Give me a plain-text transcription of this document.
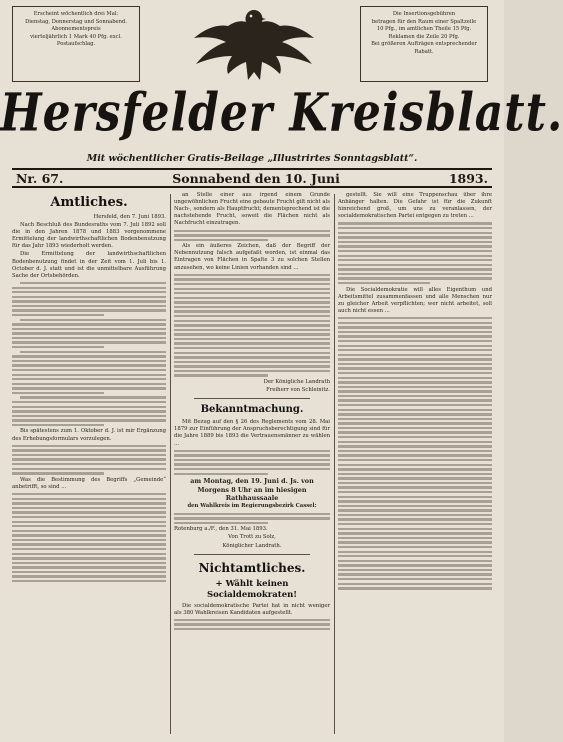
Erscheint wöchentlich drei Mal:
Dienstag, Donnerstag und Sonnabend.
Abonnementspreis
vierteljährlich 1 Mark 40 Pfg. excl.
Postaufschlag.
Die Insertionsgebühren
betragen für den Raum einer Spaltzeile
10 Pfg., im amtlichen Theile 15 Pfg.
Reklamen die Zeile 20 Pfg.
Bei größeren Aufträgen entsprechender
Rabatt.
Hersfelder Kreisblatt.
Mit wöchentlicher Gratis-Beilage „Illustrirtes Sonntagsblatt“.
Nr. 67.	Sonnabend den 10. Juni	1893.
Amtliches.
Hersfeld, den 7. Juni 1893.

Nach Beschluß des Bundesraths vom 7. Juli 1892 soll die in den Jahren 1878 und 1883 vorgenommene Ermittelung der landwirthschaftlichen Bodenbenutzung für das Jahr 1893 wiederholt werden.

Die Ermittelung der landwirthschaftlichen Bodenbenutzung findet in der Zeit vom 1. Juli bis 1. October d. J. statt und ist die unmittelbare Ausführung Sache der Ortsbehörden.

Bis spätestens zum 1. Oktober d. J. ist mir Ergänzung des Erhebungsformulars vorzulegen.

Was die Bestimmung des Begriffs „Gemeinde“ anbetrifft, so sind ...

an Stelle einer aus irgend einem Grunde ungewöhnlichen Frucht eine gebaute Frucht gilt nicht als Nach-, sondern als Hauptfrucht; dementsprechend ist die nachstehende Frucht, soweit die Flächen nicht als Nachfrucht einzutragen.

Als ein äußeres Zeichen, daß der Begriff der Nebennutzung falsch aufgefaßt worden, ist einmal das Eintragen von Flächen in Spalte 3 zu solchen Stellen anzusehen, wo keine Linien vorhanden sind ...

Der Königliche Landrath
Freiherr von Schleinitz.
Bekanntmachung.

Mit Bezug auf den § 26 des Reglements vom 28. Mai 1879 zur Einführung der Anspruchsberechtigung sind für die Jahre 1889 bis 1893 die Vertrauensmänner zu wählen ...

am Montag, den 19. Juni d. Js. von Morgens 8 Uhr an im hiesigen Rathhaussaale

den Wahlkreis im Regierungsbezirk Cassel:

Rotenburg a./F., den 31. Mai 1893.
Von Trott zu Solz,
Königlicher Landrath.
Nichtamtliches.
+ Wählt keinen Socialdemokraten!

Die socialdemokratische Partei hat in nicht weniger als 380 Wahlkreisen Kandidaten aufgestellt.

gestellt. Sie will eine Truppenschau über ihre Anhänger halten. Die Gefahr ist für die Zukunft hinreichend groß, um uns zu veranlassen, der socialdemokratischen Partei entgegen zu treten ...

Die Socialdemokratie will alles Eigenthum und Arbeitsmittel zusammenfassen und alle Menschen nur zu gleicher Arbeit verpflichten; wer nicht arbeitet, soll auch nicht essen ...
